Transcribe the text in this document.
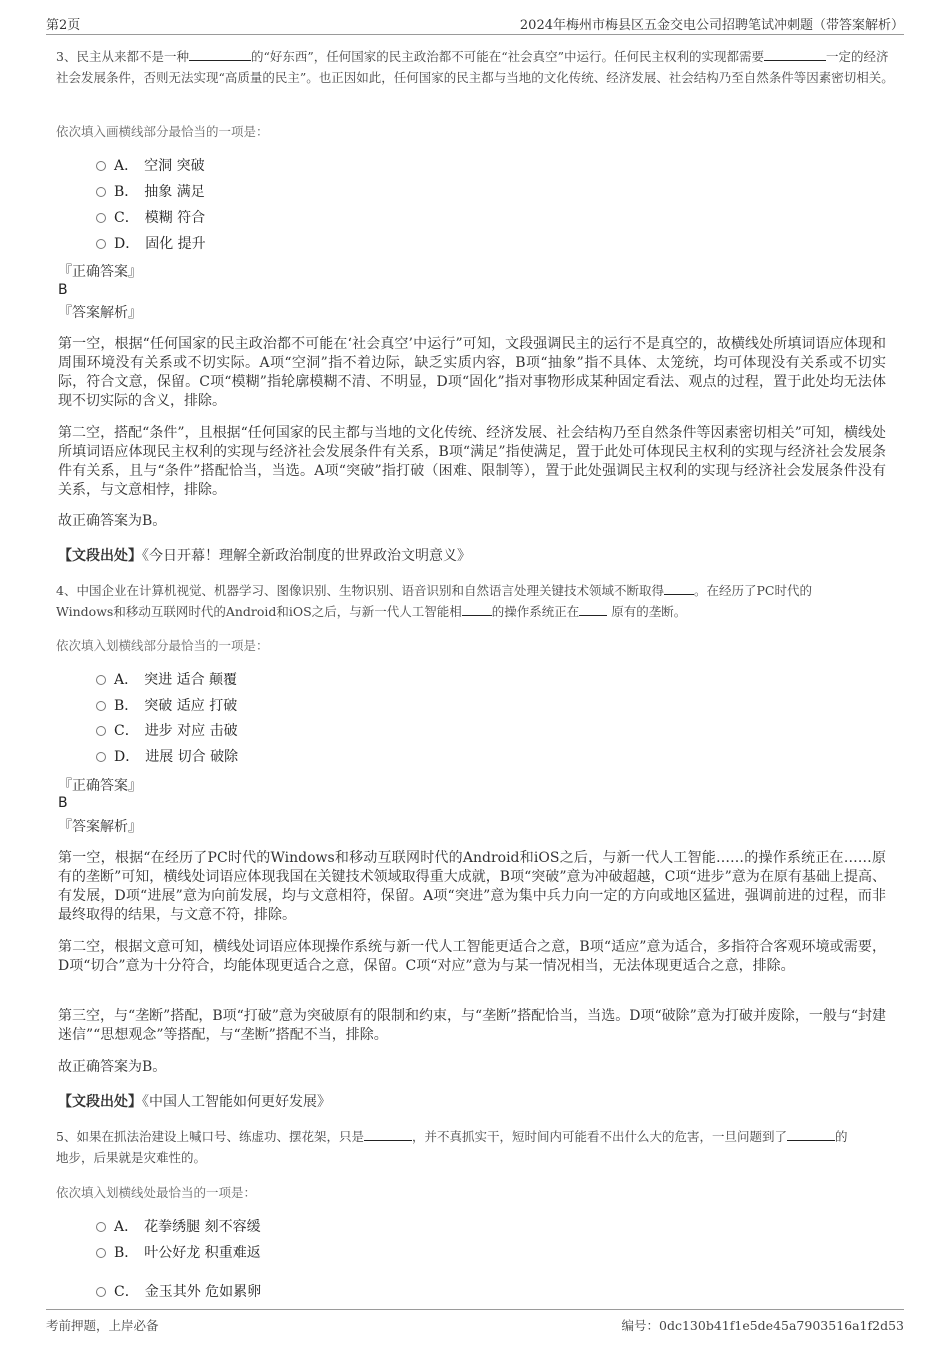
第2页	2024年梅州市梅县区五金交电公司招聘笔试冲刺题（带答案解析）

3、民主从来都不是一种	的“好东西”，任何国家的民主政治都不可能在“社会真空”中运行。任何民主权利的实现都需要	一定的经济社会发展条件，否则无法实现“高质量的民主”。也正因如此，任何国家的民主都与当地的文化传统、经济发展、社会结构乃至自然条件等因素密切相关。

依次填入画横线部分最恰当的一项是：

A． 空洞 突破
B． 抽象 满足
C． 模糊 符合
D． 固化 提升
『正确答案』
B
『答案解析』

第一空，根据“任何国家的民主政治都不可能在‘社会真空’中运行”可知，文段强调民主的运行不是真空的，故横线处所填词语应体现和周围环境没有关系或不切实际。A项“空洞”指不着边际，缺乏实质内容，B项“抽象”指不具体、太笼统，均可体现没有关系或不切实际，符合文意，保留。C项“模糊”指轮廓模糊不清、不明显，D项“固化”指对事物形成某种固定看法、观点的过程，置于此处均无法体现不切实际的含义，排除。

第二空，搭配“条件”，且根据“任何国家的民主都与当地的文化传统、经济发展、社会结构乃至自然条件等因素密切相关”可知，横线处所填词语应体现民主权利的实现与经济社会发展条件有关系，B项“满足”指使满足，置于此处可体现民主权利的实现与经济社会发展条件有关系，且与“条件”搭配恰当，当选。A项“突破”指打破（困难、限制等），置于此处强调民主权利的实现与经济社会发展条件没有关系，与文意相悖，排除。

故正确答案为B。

【文段出处】《今日开幕！理解全新政治制度的世界政治文明意义》

4、中国企业在计算机视觉、机器学习、图像识别、生物识别、语音识别和自然语言处理关键技术领域不断取得 。在经历了PC时代的
Windows和移动互联网时代的Android和iOS之后，与新一代人工智能相 的操作系统正在	原有的垄断。

依次填入划横线部分最恰当的一项是：

A． 突进 适合 颠覆
B． 突破 适应 打破
C． 进步 对应 击破
D． 进展 切合 破除
『正确答案』
B
『答案解析』

第一空，根据“在经历了PC时代的Windows和移动互联网时代的Android和iOS之后，与新一代人工智能……的操作系统正在……原有的垄断”可知，横线处词语应体现我国在关键技术领域取得重大成就，B项“突破”意为冲破超越，C项“进步”意为在原有基础上提高、有发展，D项“进展”意为向前发展，均与文意相符，保留。A项“突进”意为集中兵力向一定的方向或地区猛进，强调前进的过程，而非最终取得的结果，与文意不符，排除。

第二空，根据文意可知，横线处词语应体现操作系统与新一代人工智能更适合之意，B项“适应”意为适合，多指符合客观环境或需要，D项“切合”意为十分符合，均能体现更适合之意，保留。C项“对应”意为与某一情况相当，无法体现更适合之意，排除。

第三空，与“垄断”搭配，B项“打破”意为突破原有的限制和约束，与“垄断”搭配恰当，当选。D项“破除”意为打破并废除，一般与“封建迷信”“思想观念”等搭配，与“垄断”搭配不当，排除。

故正确答案为B。

【文段出处】《中国人工智能如何更好发展》

5、如果在抓法治建设上喊口号、练虚功、摆花架，只是	，并不真抓实干，短时间内可能看不出什么大的危害，一旦问题到了	的
地步，后果就是灾难性的。

依次填入划横线处最恰当的一项是：

A． 花拳绣腿 刻不容缓
B． 叶公好龙 积重难返
C． 金玉其外 危如累卵
考前押题，上岸必备	编号：0dc130b41f1e5de45a7903516a1f2d53
